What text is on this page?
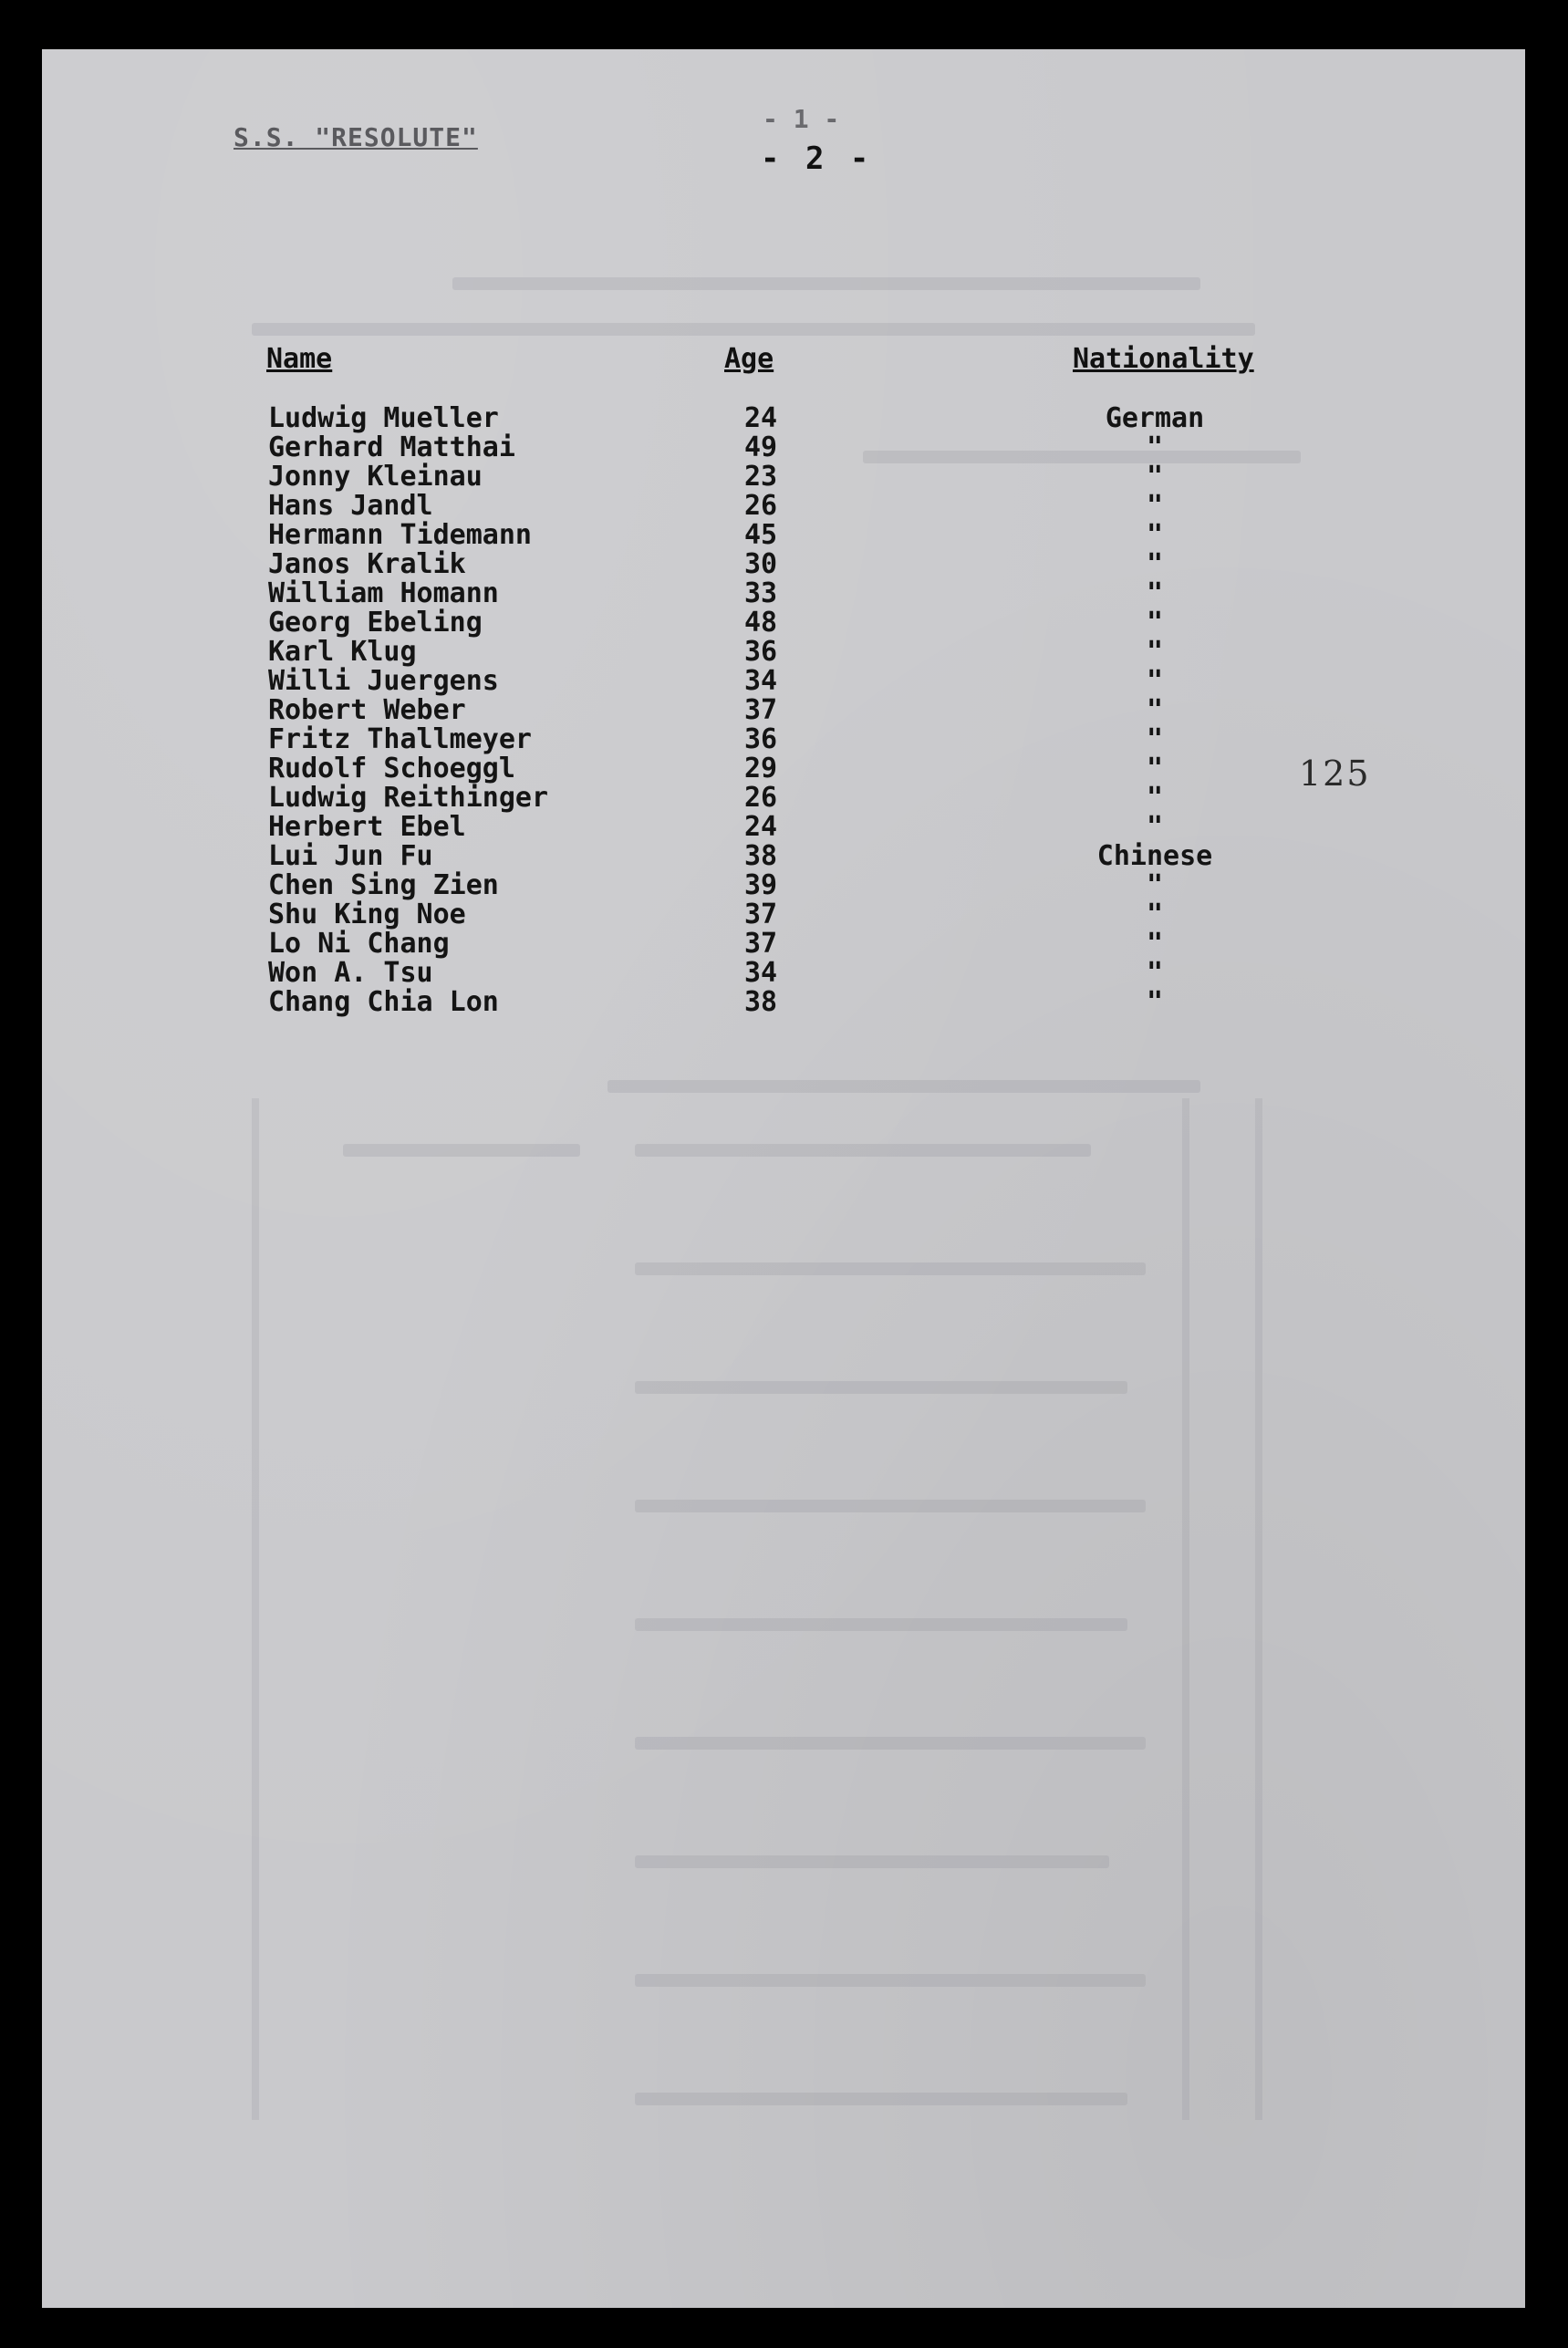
S.S. "RESOLUTE"
- 1 -
- 2 -
Name	Age	Nationality
Ludwig Mueller	24	German
Gerhard Matthai	49	"
Jonny Kleinau	23	"
Hans Jandl	26	"
Hermann Tidemann	45	"
Janos Kralik	30	"
William Homann	33	"
Georg Ebeling	48	"
Karl Klug	36	"
Willi Juergens	34	"
Robert Weber	37	"
Fritz Thallmeyer	36	"
Rudolf Schoeggl	29	"
Ludwig Reithinger	26	"
Herbert Ebel	24	"
Lui Jun Fu	38	Chinese
Chen Sing Zien	39	"
Shu King Noe	37	"
Lo Ni Chang	37	"
Won A. Tsu	34	"
Chang Chia Lon	38	"
125
